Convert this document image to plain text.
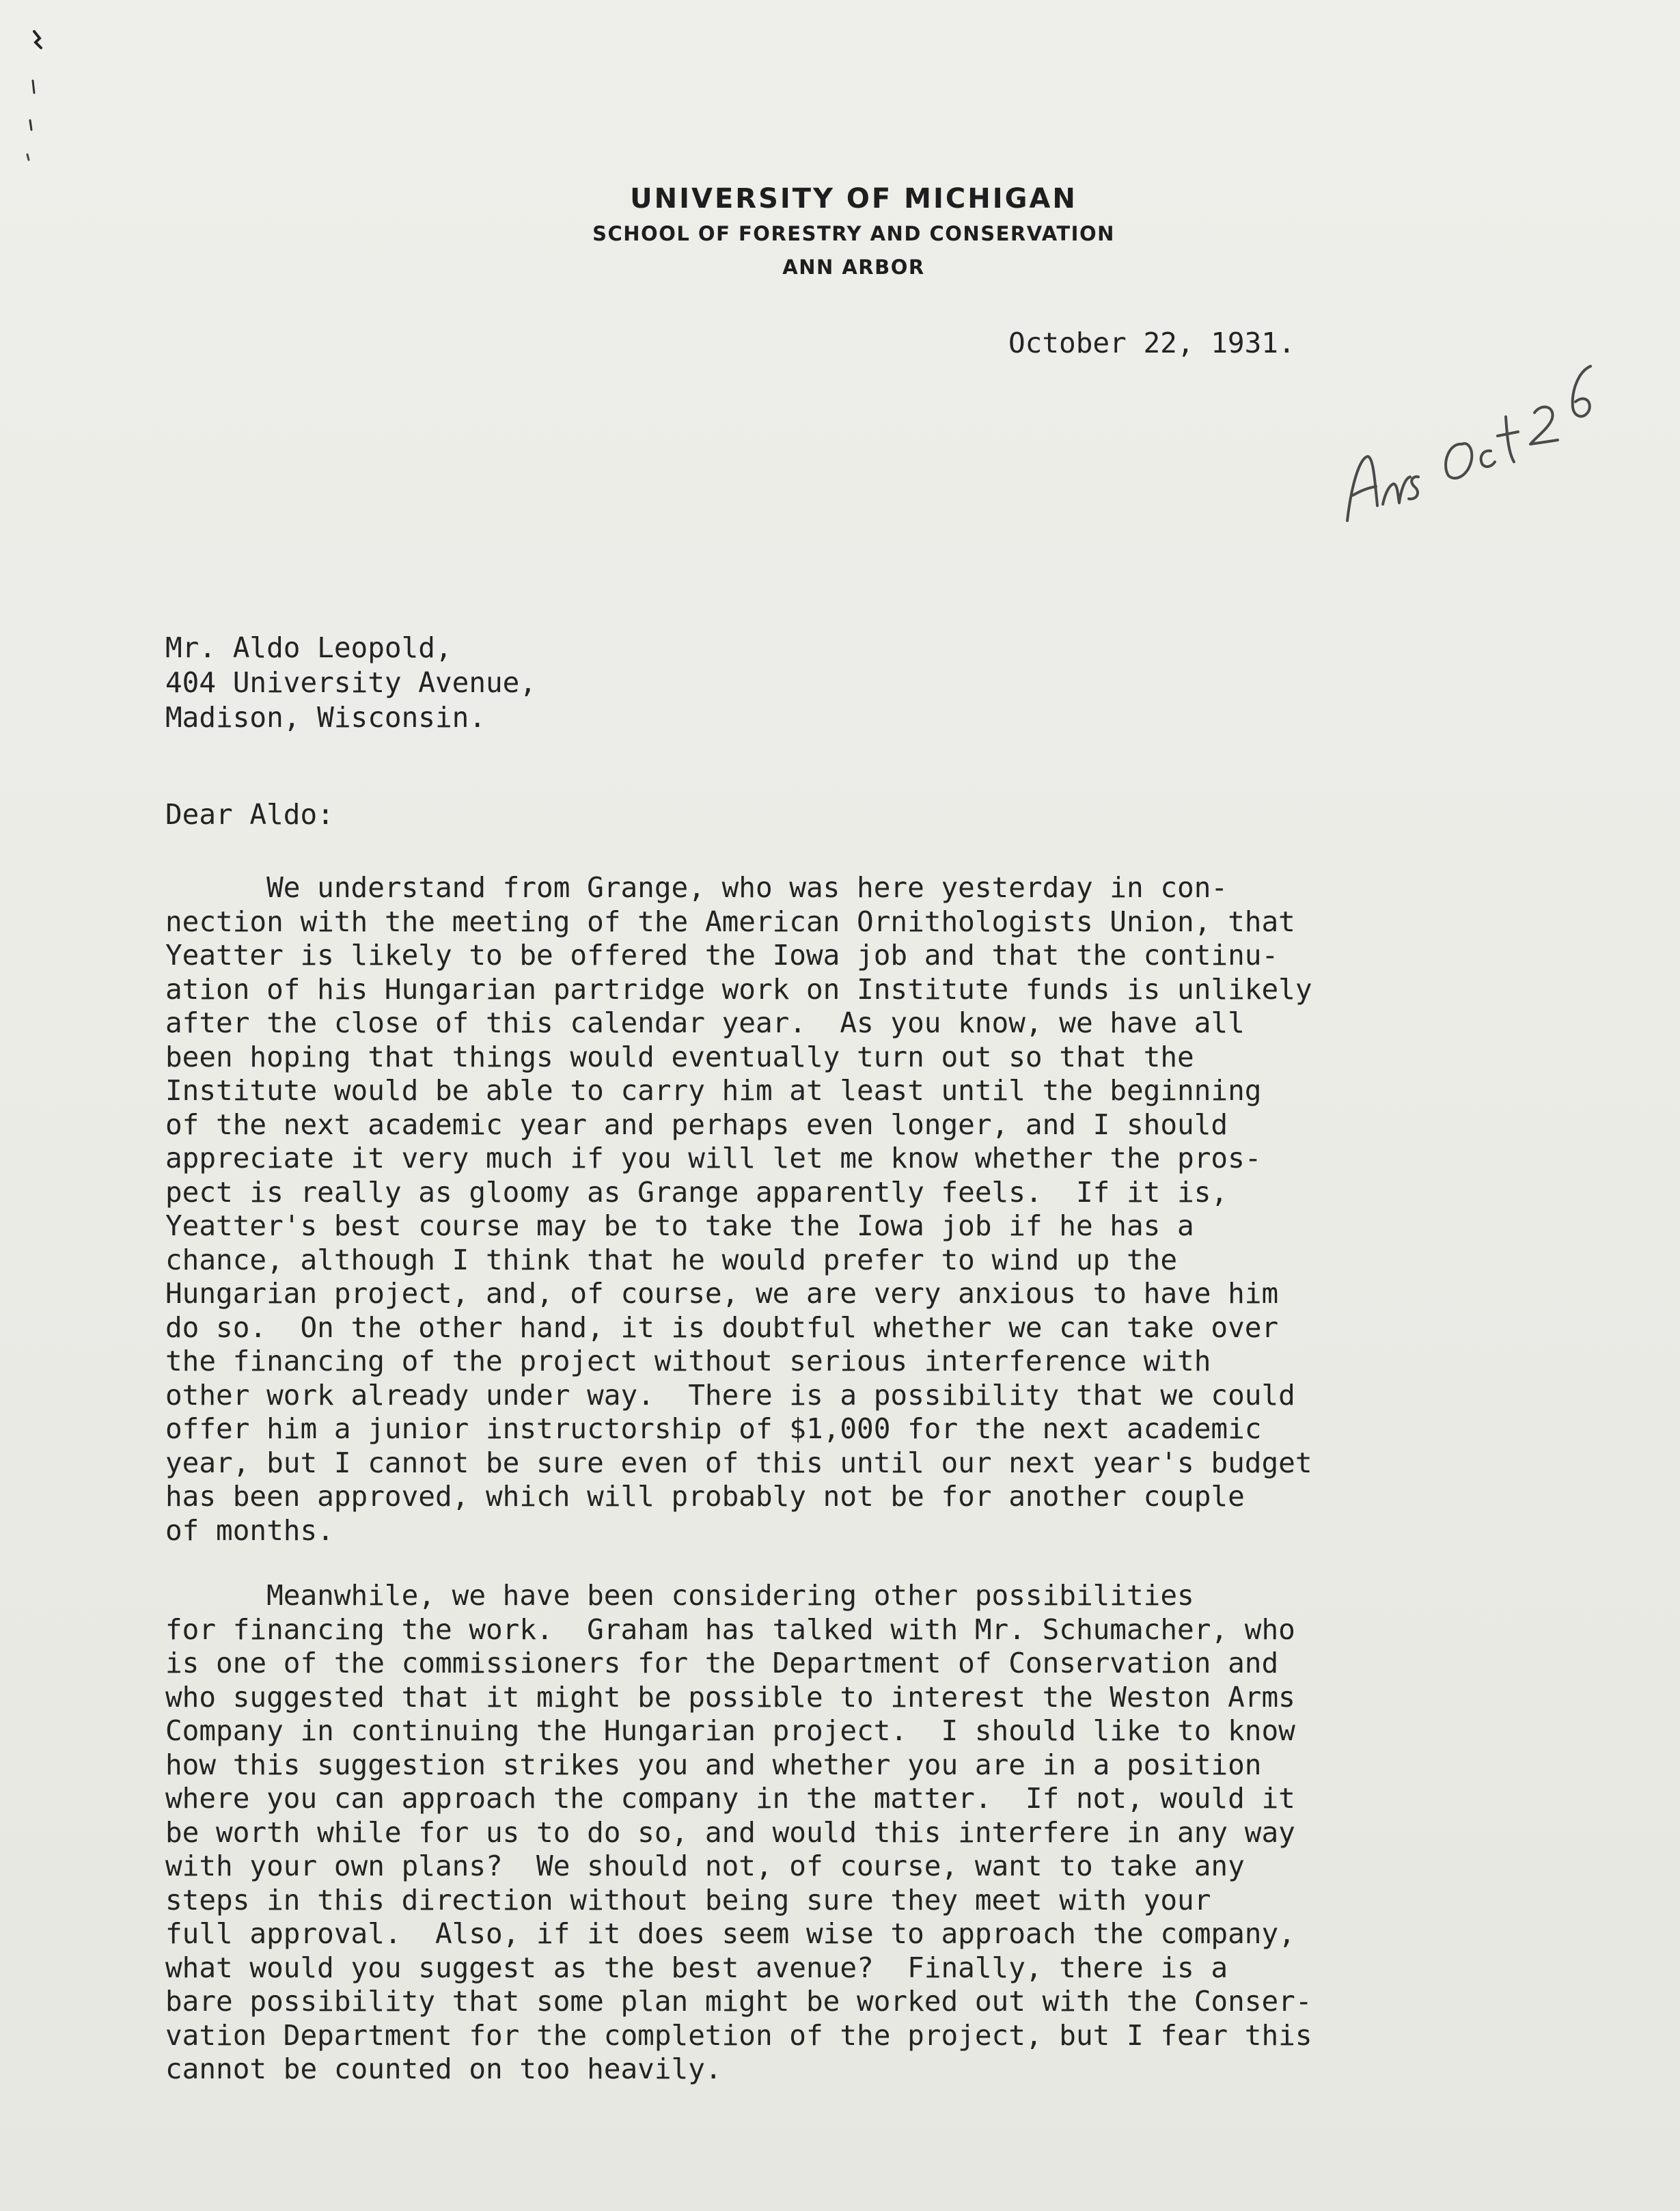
UNIVERSITY OF MICHIGAN
SCHOOL OF FORESTRY AND CONSERVATION
ANN ARBOR
October 22, 1931.
Mr. Aldo Leopold,
404 University Avenue,
Madison, Wisconsin.
Dear Aldo:
We understand from Grange, who was here yesterday in con-
nection with the meeting of the American Ornithologists Union, that
Yeatter is likely to be offered the Iowa job and that the continu-
ation of his Hungarian partridge work on Institute funds is unlikely
after the close of this calendar year.  As you know, we have all
been hoping that things would eventually turn out so that the
Institute would be able to carry him at least until the beginning
of the next academic year and perhaps even longer, and I should
appreciate it very much if you will let me know whether the pros-
pect is really as gloomy as Grange apparently feels.  If it is,
Yeatter's best course may be to take the Iowa job if he has a
chance, although I think that he would prefer to wind up the
Hungarian project, and, of course, we are very anxious to have him
do so.  On the other hand, it is doubtful whether we can take over
the financing of the project without serious interference with
other work already under way.  There is a possibility that we could
offer him a junior instructorship of $1,000 for the next academic
year, but I cannot be sure even of this until our next year's budget
has been approved, which will probably not be for another couple
of months.
Meanwhile, we have been considering other possibilities
for financing the work.  Graham has talked with Mr. Schumacher, who
is one of the commissioners for the Department of Conservation and
who suggested that it might be possible to interest the Weston Arms
Company in continuing the Hungarian project.  I should like to know
how this suggestion strikes you and whether you are in a position
where you can approach the company in the matter.  If not, would it
be worth while for us to do so, and would this interfere in any way
with your own plans?  We should not, of course, want to take any
steps in this direction without being sure they meet with your
full approval.  Also, if it does seem wise to approach the company,
what would you suggest as the best avenue?  Finally, there is a
bare possibility that some plan might be worked out with the Conser-
vation Department for the completion of the project, but I fear this
cannot be counted on too heavily.
